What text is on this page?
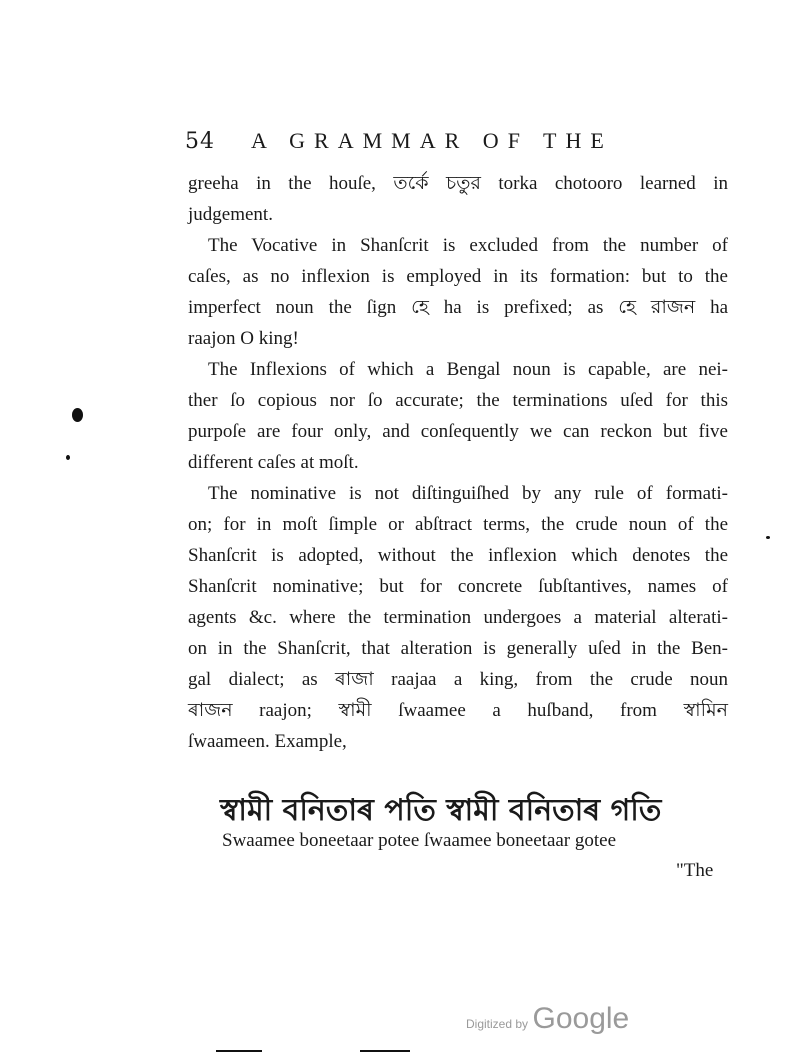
54 A GRAMMAR OF THE
greeha in the houſe, তর্কে চতুর torka chotooro learned in
judgement.
The Vocative in Shanſcrit is excluded from the number of
caſes, as no inflexion is employed in its formation: but to the
imperfect noun the ſign হে ha is prefixed; as হে রাজন ha
raajon O king!
The Inflexions of which a Bengal noun is capable, are nei-
ther ſo copious nor ſo accurate; the terminations uſed for this
purpoſe are four only, and conſequently we can reckon but five
different caſes at moſt.
The nominative is not diſtinguiſhed by any rule of formati-
on; for in moſt ſimple or abſtract terms, the crude noun of the
Shanſcrit is adopted, without the inflexion which denotes the
Shanſcrit nominative; but for concrete ſubſtantives, names of
agents &c. where the termination undergoes a material alterati-
on in the Shanſcrit, that alteration is generally uſed in the Ben-
gal dialect; as ৰাজা raajaa a king, from the crude noun
ৰাজন raajon; স্বামী ſwaamee a huſband, from স্বামিন
ſwaameen. Example,
স্বামী বনিতাৰ পতি স্বামী বনিতাৰ গতি
Swaamee boneetaar potee ſwaamee boneetaar gotee
"The
Digitized by Google
